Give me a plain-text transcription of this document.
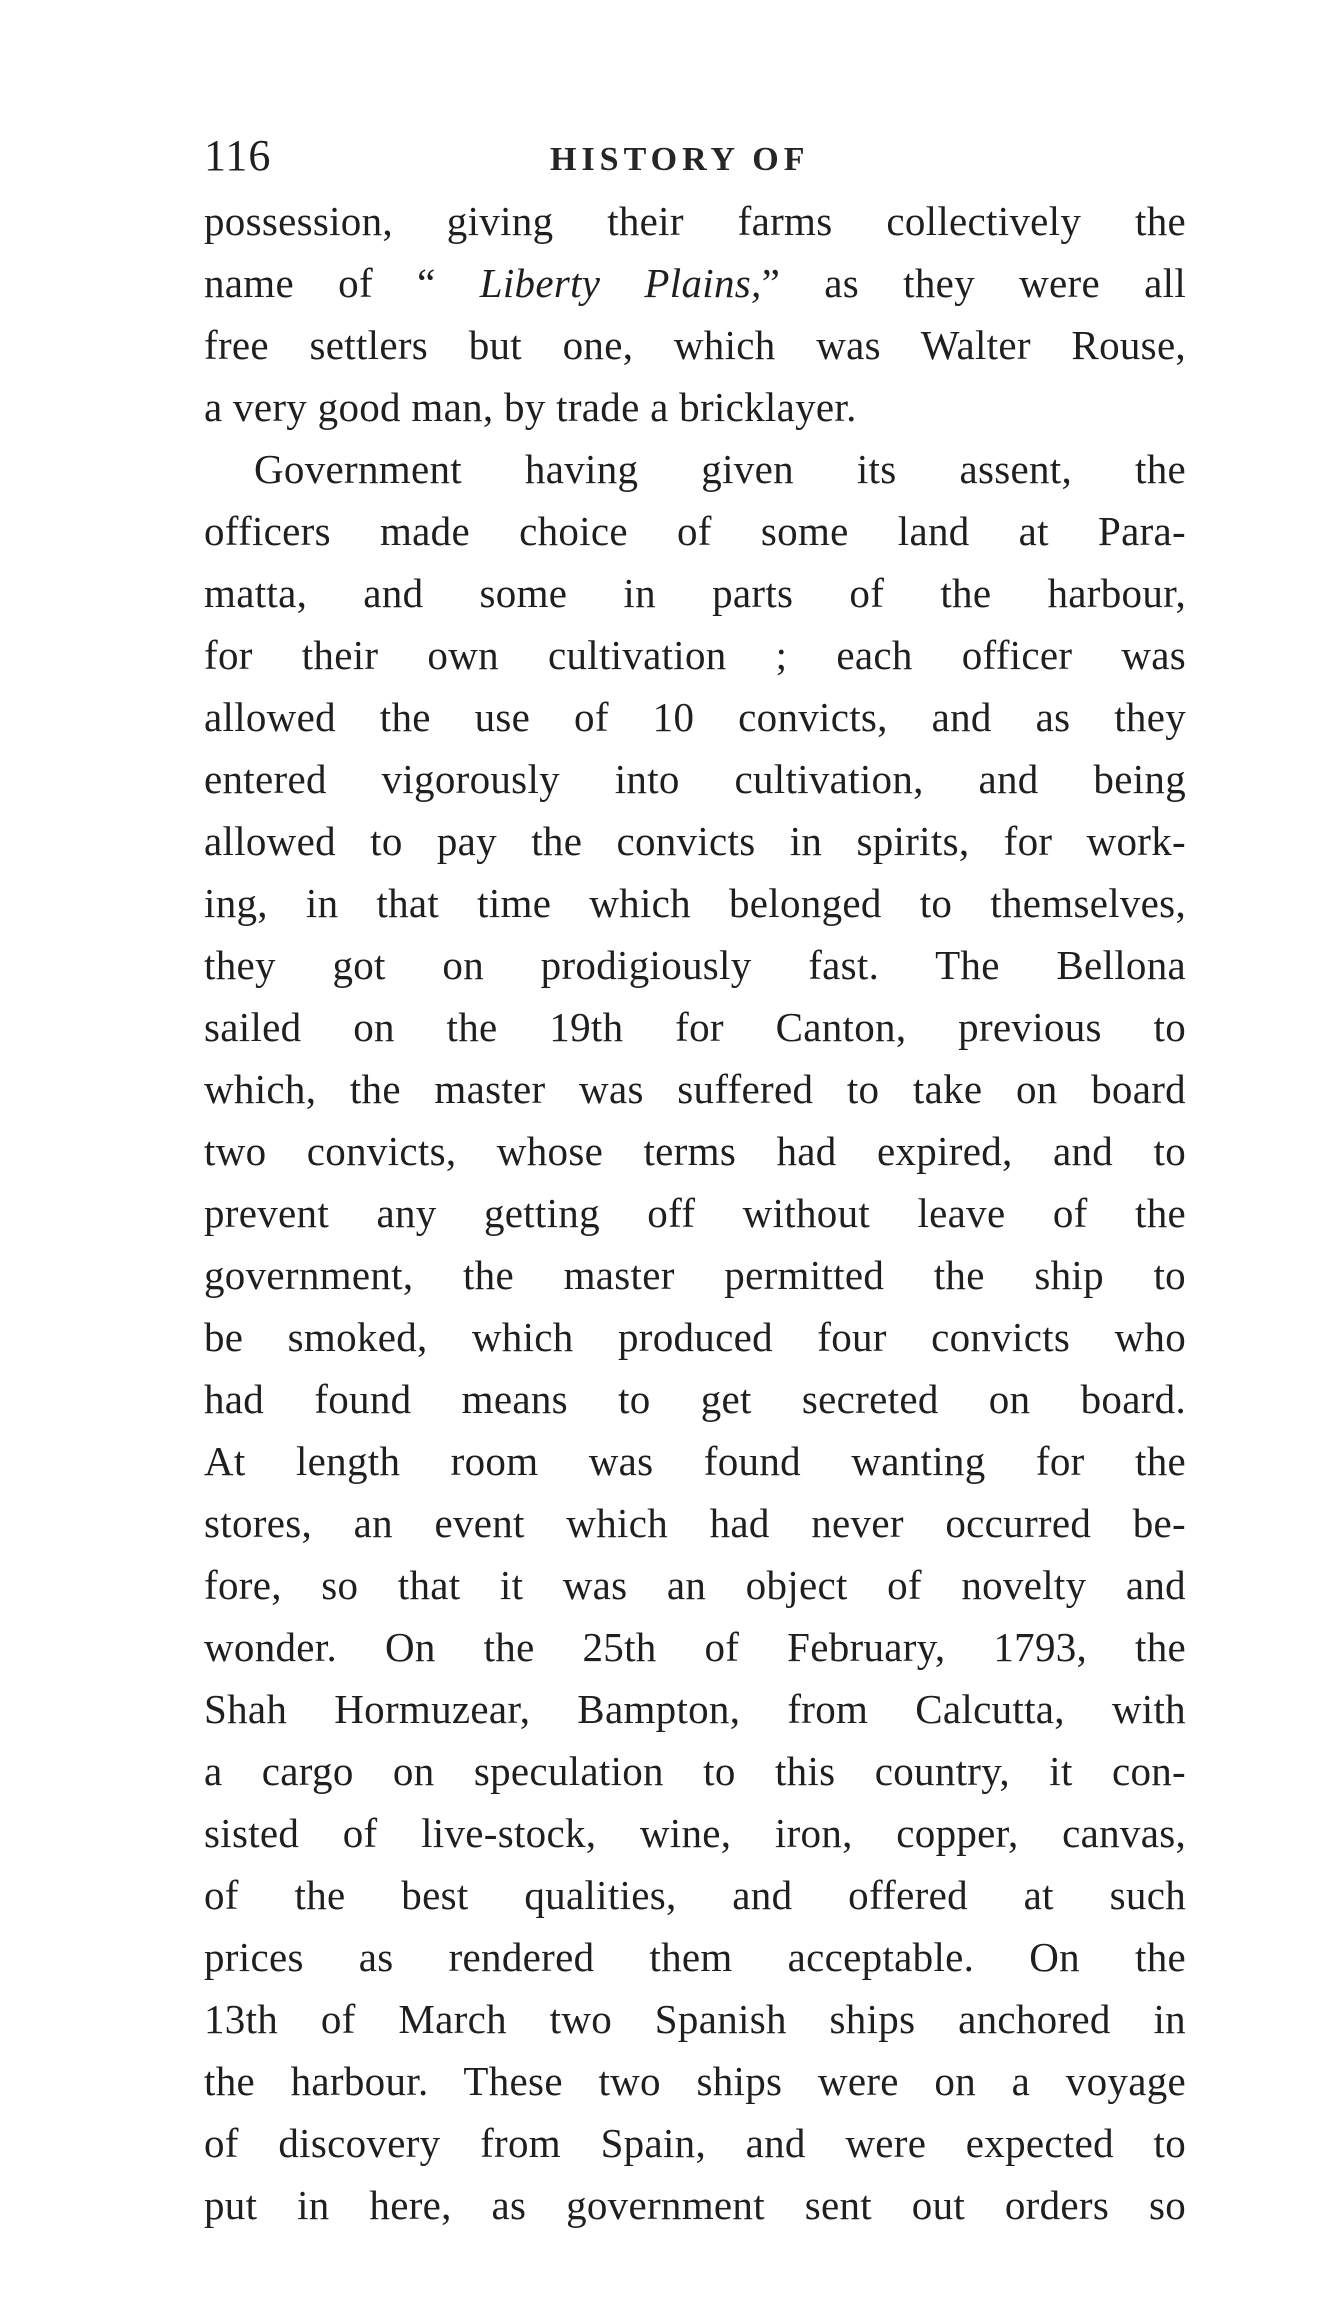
116	HISTORY OF
possession, giving their farms collectively the
name of “ Liberty Plains,” as they were all
free settlers but one, which was Walter Rouse,
a very good man, by trade a bricklayer.
Government having given its assent, the
officers made choice of some land at Para-
matta, and some in parts of the harbour,
for their own cultivation ; each officer was
allowed the use of 10 convicts, and as they
entered vigorously into cultivation, and being
allowed to pay the convicts in spirits, for work-
ing, in that time which belonged to themselves,
they got on prodigiously fast. The Bellona
sailed on the 19th for Canton, previous to
which, the master was suffered to take on board
two convicts, whose terms had expired, and to
prevent any getting off without leave of the
government, the master permitted the ship to
be smoked, which produced four convicts who
had found means to get secreted on board.
At length room was found wanting for the
stores, an event which had never occurred be-
fore, so that it was an object of novelty and
wonder. On the 25th of February, 1793, the
Shah Hormuzear, Bampton, from Calcutta, with
a cargo on speculation to this country, it con-
sisted of live-stock, wine, iron, copper, canvas,
of the best qualities, and offered at such
prices as rendered them acceptable. On the
13th of March two Spanish ships anchored in
the harbour. These two ships were on a voyage
of discovery from Spain, and were expected to
put in here, as government sent out orders so
